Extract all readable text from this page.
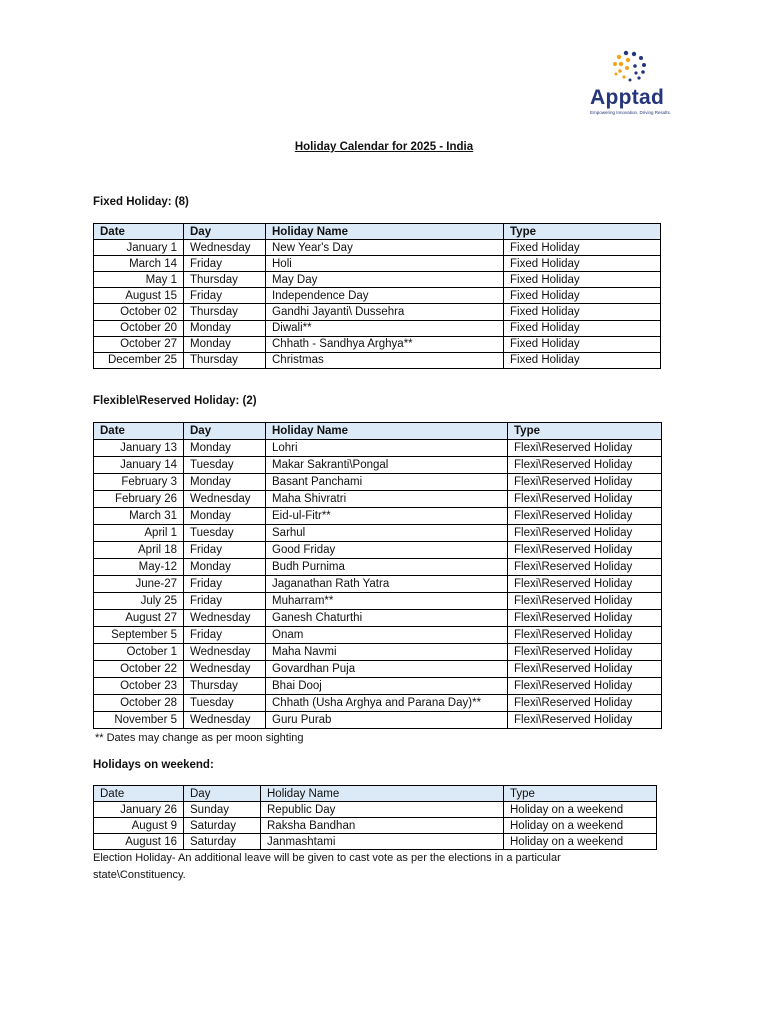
Apptad
Empowering Innovation. Driving Results.
Holiday Calendar for 2025 - India
Fixed Holiday: (8)
Date	Day	Holiday Name	Type
January 1	Wednesday	New Year's Day	Fixed Holiday
March 14	Friday	Holi	Fixed Holiday
May 1	Thursday	May Day	Fixed Holiday
August 15	Friday	Independence Day	Fixed Holiday
October 02	Thursday	Gandhi Jayanti\ Dussehra	Fixed Holiday
October 20	Monday	Diwali**	Fixed Holiday
October 27	Monday	Chhath - Sandhya Arghya**	Fixed Holiday
December 25	Thursday	Christmas	Fixed Holiday
Flexible\Reserved Holiday: (2)
Date	Day	Holiday Name	Type
January 13	Monday	Lohri	Flexi\Reserved Holiday
January 14	Tuesday	Makar Sakranti\Pongal	Flexi\Reserved Holiday
February 3	Monday	Basant Panchami	Flexi\Reserved Holiday
February 26	Wednesday	Maha Shivratri	Flexi\Reserved Holiday
March 31	Monday	Eid-ul-Fitr**	Flexi\Reserved Holiday
April 1	Tuesday	Sarhul	Flexi\Reserved Holiday
April 18	Friday	Good Friday	Flexi\Reserved Holiday
May-12	Monday	Budh Purnima	Flexi\Reserved Holiday
June-27	Friday	Jaganathan Rath Yatra	Flexi\Reserved Holiday
July 25	Friday	Muharram**	Flexi\Reserved Holiday
August 27	Wednesday	Ganesh Chaturthi	Flexi\Reserved Holiday
September 5	Friday	Onam	Flexi\Reserved Holiday
October 1	Wednesday	Maha Navmi	Flexi\Reserved Holiday
October 22	Wednesday	Govardhan Puja	Flexi\Reserved Holiday
October 23	Thursday	Bhai Dooj	Flexi\Reserved Holiday
October 28	Tuesday	Chhath (Usha Arghya and Parana Day)**	Flexi\Reserved Holiday
November 5	Wednesday	Guru Purab	Flexi\Reserved Holiday
** Dates may change as per moon sighting
Holidays on weekend:
Date	Day	Holiday Name	Type
January 26	Sunday	Republic Day	Holiday on a weekend
August 9	Saturday	Raksha Bandhan	Holiday on a weekend
August 16	Saturday	Janmashtami	Holiday on a weekend
Election Holiday- An additional leave will be given to cast vote as per the elections in a particular state\Constituency.
